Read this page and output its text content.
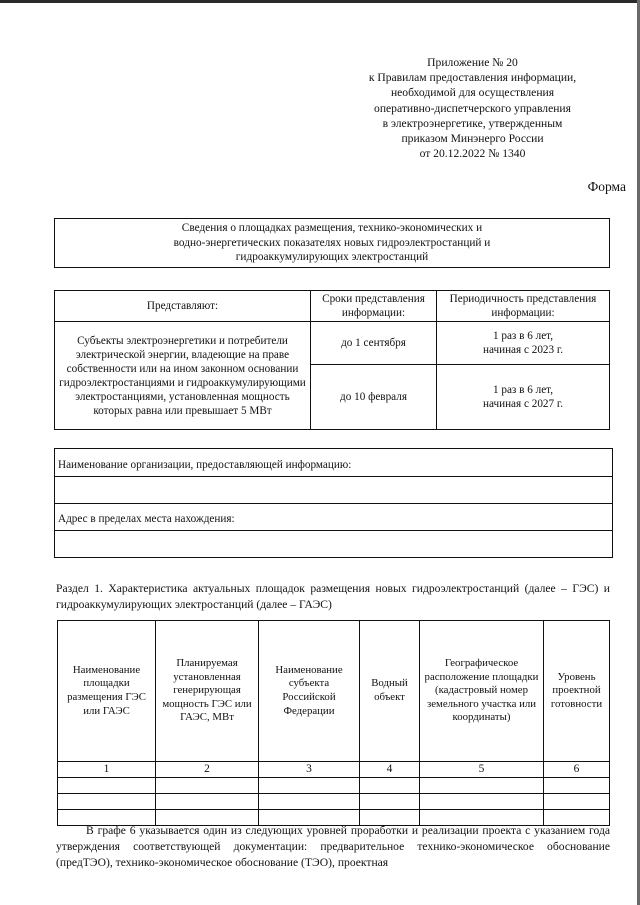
Приложение № 20
к Правилам предоставления информации,
необходимой для осуществления
оперативно-диспетчерского управления
в электроэнергетике, утвержденным
приказом Минэнерго России
от 20.12.2022 № 1340
Форма
Сведения о площадках размещения, технико-экономических и
водно-энергетических показателях новых гидроэлектростанций и
гидроаккумулирующих электростанций
Представляют:	Сроки представления информации:	Периодичность представления информации:
Субъекты электроэнергетики и потребители электрической энергии, владеющие на праве собственности или на ином законном основании гидроэлектростанциями и гидроаккумулирующими электростанциями, установленная мощность которых равна или превышает 5 МВт	до 1 сентября	1 раз в 6 лет,
начиная с 2023 г.

	до 10 февраля	1 раз в 6 лет,
начиная с 2027 г.
Наименование организации, предоставляющей информацию:
Адрес в пределах места нахождения:
Раздел 1. Характеристика актуальных площадок размещения новых гидроэлектростанций (далее – ГЭС) и гидроаккумулирующих электростанций (далее – ГАЭС)
Наименование площадки размещения ГЭС или ГАЭС	Планируемая установленная генерирующая мощность ГЭС или ГАЭС, МВт	Наименование субъекта Российской Федерации	Водный объект	Географическое расположение площадки (кадастровый номер земельного участка или координаты)	Уровень проектной готовности
1	2	3	4	5	6

В графе 6 указывается один из следующих уровней проработки и реализации проекта с указанием года утверждения соответствующей документации: предварительное технико-экономическое обоснование (предТЭО), технико-экономическое обоснование (ТЭО), проектная
